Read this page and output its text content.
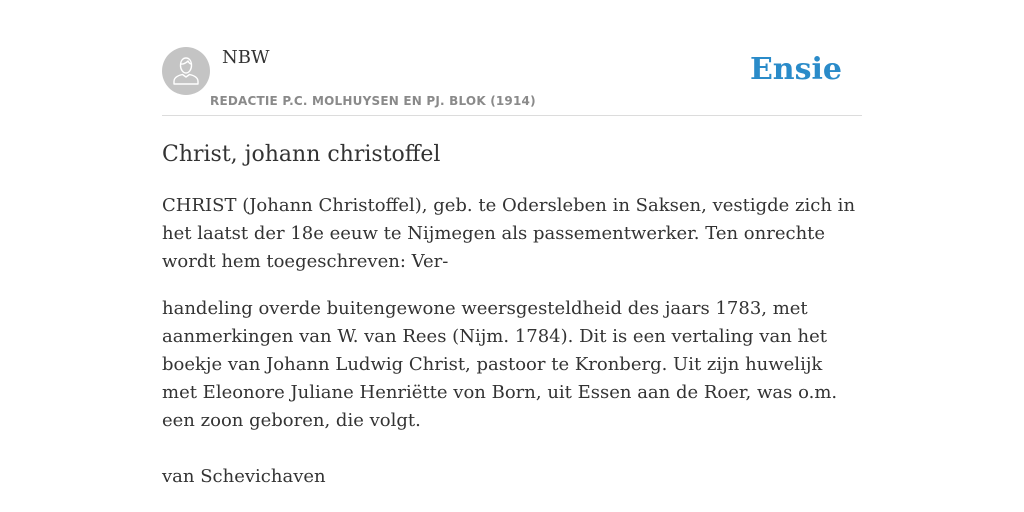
NBW
REDACTIE P.C. MOLHUYSEN EN PJ. BLOK (1914)
Ensie
Christ, johann christoffel

CHRIST (Johann Christoffel), geb. te Odersleben in Saksen, vestigde zich in het laatst der 18e eeuw te Nijmegen als passementwerker. Ten onrechte wordt hem toegeschreven: Ver-

handeling overde buitengewone weersgesteldheid des jaars 1783, met aanmerkingen van W. van Rees (Nijm. 1784). Dit is een vertaling van het boekje van Johann Ludwig Christ, pastoor te Kronberg. Uit zijn huwelijk met Eleonore Juliane Henriëtte von Born, uit Essen aan de Roer, was o.m. een zoon geboren, die volgt.

van Schevichaven
